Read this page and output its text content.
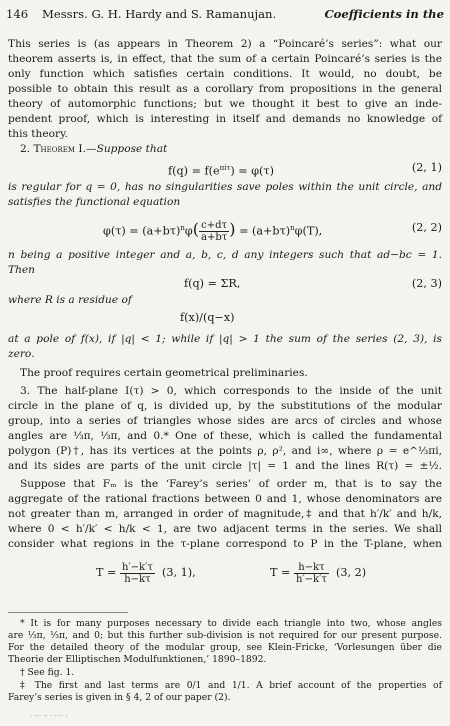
146 Messrs. G. H. Hardy and S. Ramanujan.	Coefficients in the
This series is (as appears in Theorem 2) a “Poincaré’s series”: what our
theorem asserts is, in effect, that the sum of a certain Poincaré’s series is the
only function which satisfies certain conditions. It would, no doubt, be
possible to obtain this result as a corollary from propositions in the general
theory of automorphic functions; but we thought it best to give an inde-
pendent proof, which is interesting in itself and demands no knowledge of
this theory.
2. Theorem I.—Suppose that
$f(q) = f(e^{\pi i\tau}) = \varphi(\tau)$	(2, 1)
is regular for q = 0, has no singularities save poles within the unit circle, and
satisfies the functional equation
$\varphi(\tau) = (a+b\tau)^n\varphi( \frac{c+d\tau}{a+b\tau}$ ) = $(a+b\tau)^n\varphi(T)$,	(2, 2)
n being a positive integer and a, b, c, d any integers such that ad−bc = 1.
Then
f(q) = ΣR,	(2, 3)
where R is a residue of
f(x)/(q−x)
at a pole of f(x), if |q| < 1; while if |q| > 1 the sum of the series (2, 3), is
zero.
The proof requires certain geometrical preliminaries.
3. The half-plane I(τ) > 0, which corresponds to the inside of the unit
circle in the plane of q, is divided up, by the substitutions of the modular
group, into a series of triangles whose sides are arcs of circles and whose
angles are ⅓π, ⅓π, and 0.* One of these, which is called the fundamental
polygon (P)†, has its vertices at the points ρ, ρ², and i∞, where ρ = e^⅓πi,
and its sides are parts of the unit circle |τ| = 1 and the lines R(τ) = ±½.
Suppose that Fₘ is the ‘Farey’s series’ of order m, that is to say the
aggregate of the rational fractions between 0 and 1, whose denominators are
not greater than m, arranged in order of magnitude,‡ and that h′/k′ and h/k,
where 0 < h′/k′ < h/k < 1, are two adjacent terms in the series. We shall
consider what regions in the τ-plane correspond to P in the T-plane, when
$T = \frac{h'-k'\tau}{h-k\tau} (3$, 1),	$T = \frac{h-k\tau}{h'-k'\tau} (3$, 2)
* It is for many purposes necessary to divide each triangle into two, whose angles
are ⅓π, ⅓π, and 0; but this further sub-division is not required for our present purpose.
For the detailed theory of the modular group, see Klein-Fricke, ‘Vorlesungen über die
Theorie der Elliptischen Modulfunktionen,’ 1890–1892.
† See fig. 1.
‡ The first and last terms are 0/1 and 1/1. A brief account of the properties of
Farey’s series is given in § 4, 2 of our paper (2).
· ··· ·· · ···· ·
